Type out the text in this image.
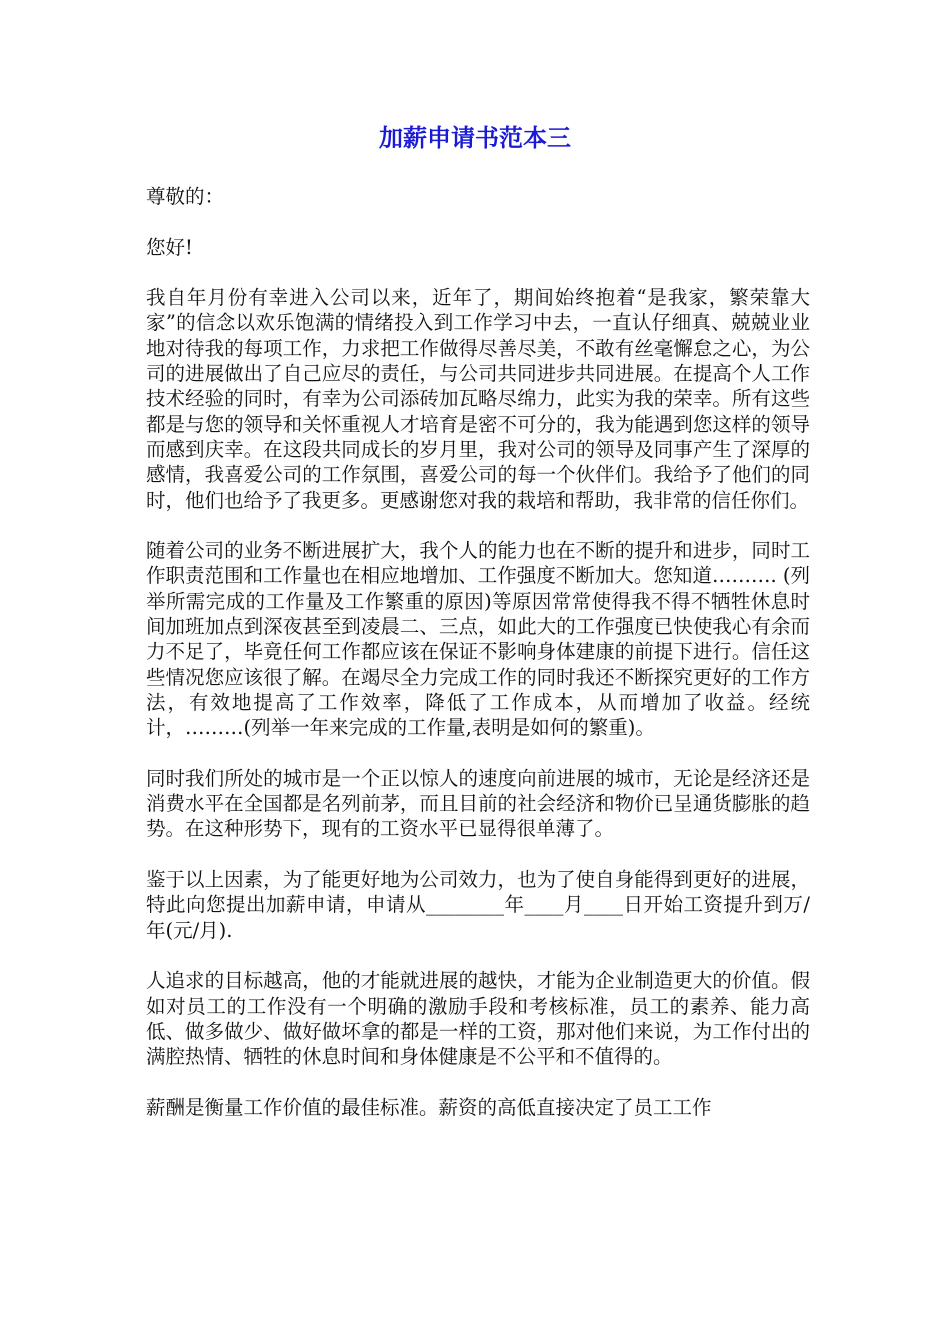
加薪申请书范本三

尊敬的：

您好!

我自年月份有幸进入公司以来，近年了，期间始终抱着“是我家，繁荣靠大家”的信念以欢乐饱满的情绪投入到工作学习中去，一直认仔细真、兢兢业业地对待我的每项工作，力求把工作做得尽善尽美，不敢有丝毫懈怠之心，为公司的进展做出了自己应尽的责任，与公司共同进步共同进展。在提高个人工作技术经验的同时，有幸为公司添砖加瓦略尽绵力，此实为我的荣幸。所有这些都是与您的领导和关怀重视人才培育是密不可分的，我为能遇到您这样的领导而感到庆幸。在这段共同成长的岁月里，我对公司的领导及同事产生了深厚的感情，我喜爱公司的工作氛围，喜爱公司的每一个伙伴们。我给予了他们的同时，他们也给予了我更多。更感谢您对我的栽培和帮助，我非常的信任你们。

随着公司的业务不断进展扩大，我个人的能力也在不断的提升和进步，同时工作职责范围和工作量也在相应地增加、工作强度不断加大。您知道………. (列举所需完成的工作量及工作繁重的原因)等原因常常使得我不得不牺牲休息时间加班加点到深夜甚至到凌晨二、三点，如此大的工作强度已快使我心有余而力不足了，毕竟任何工作都应该在保证不影响身体建康的前提下进行。信任这些情况您应该很了解。在竭尽全力完成工作的同时我还不断探究更好的工作方法，有效地提高了工作效率，降低了工作成本，从而增加了收益。经统计，………(列举一年来完成的工作量,表明是如何的繁重)。

同时我们所处的城市是一个正以惊人的速度向前进展的城市，无论是经济还是消费水平在全国都是名列前茅，而且目前的社会经济和物价已呈通货膨胀的趋势。在这种形势下，现有的工资水平已显得很单薄了。

鉴于以上因素，为了能更好地为公司效力，也为了使自身能得到更好的进展，特此向您提出加薪申请，申请从________年____月____日开始工资提升到万/年(元/月).

人追求的目标越高，他的才能就进展的越快，才能为企业制造更大的价值。假如对员工的工作没有一个明确的激励手段和考核标准，员工的素养、能力高低、做多做少、做好做坏拿的都是一样的工资，那对他们来说，为工作付出的满腔热情、牺牲的休息时间和身体健康是不公平和不值得的。

薪酬是衡量工作价值的最佳标准。薪资的高低直接决定了员工工作
